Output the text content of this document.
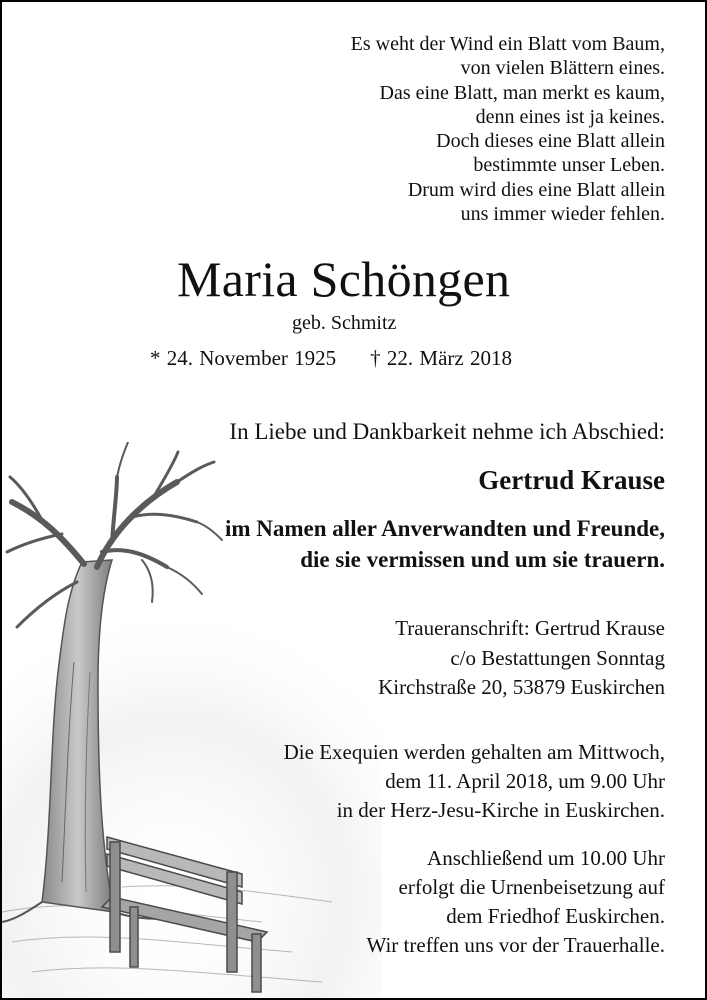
Es weht der Wind ein Blatt vom Baum,
von vielen Blättern eines.
Das eine Blatt, man merkt es kaum,
denn eines ist ja keines.
Doch dieses eine Blatt allein
bestimmte unser Leben.
Drum wird dies eine Blatt allein
uns immer wieder fehlen.
Maria Schöngen
geb. Schmitz
* 24. November 1925 † 22. März 2018
In Liebe und Dankbarkeit nehme ich Abschied:
Gertrud Krause
im Namen aller Anverwandten und Freunde,
die sie vermissen und um sie trauern.
Traueranschrift: Gertrud Krause
c/o Bestattungen Sonntag
Kirchstraße 20, 53879 Euskirchen
Die Exequien werden gehalten am Mittwoch,
dem 11. April 2018, um 9.00 Uhr
in der Herz-Jesu-Kirche in Euskirchen.
Anschließend um 10.00 Uhr
erfolgt die Urnenbeisetzung auf
dem Friedhof Euskirchen.
Wir treffen uns vor der Trauerhalle.
